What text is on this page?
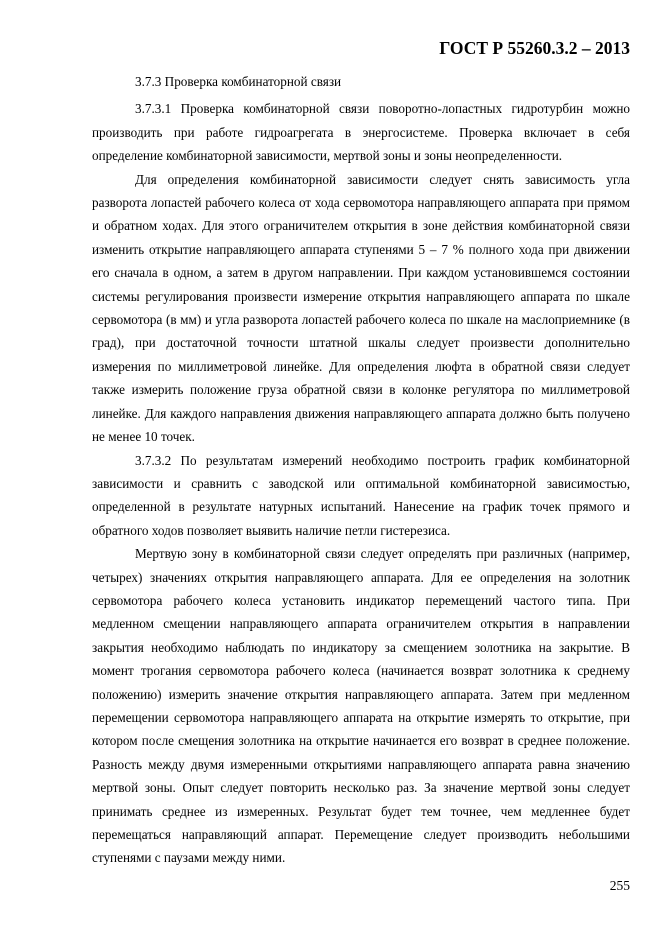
ГОСТ Р 55260.3.2 – 2013

3.7.3 Проверка комбинаторной связи

3.7.3.1 Проверка комбинаторной связи поворотно-лопастных гидротурбин можно производить при работе гидроагрегата в энергосистеме. Проверка включает в себя определение комбинаторной зависимости, мертвой зоны и зоны неопределенности.

Для определения комбинаторной зависимости следует снять зависимость угла разворота лопастей рабочего колеса от хода сервомотора направляющего аппарата при прямом и обратном ходах. Для этого ограничителем открытия в зоне действия комбинаторной связи изменить открытие направляющего аппарата ступенями 5 – 7 % полного хода при движении его сначала в одном, а затем в другом направлении. При каждом установившемся состоянии системы регулирования произвести измерение открытия направляющего аппарата по шкале сервомотора (в мм) и угла разворота лопастей рабочего колеса по шкале на маслоприемнике (в град), при достаточной точности штатной шкалы следует произвести дополнительно измерения по миллиметровой линейке. Для определения люфта в обратной связи следует также измерить положение груза обратной связи в колонке регулятора по миллиметровой линейке. Для каждого направления движения направляющего аппарата должно быть получено не менее 10 точек.

3.7.3.2 По результатам измерений необходимо построить график комбинаторной зависимости и сравнить с заводской или оптимальной комбинаторной зависимостью, определенной в результате натурных испытаний. Нанесение на график точек прямого и обратного ходов позволяет выявить наличие петли гистерезиса.

Мертвую зону в комбинаторной связи следует определять при различных (например, четырех) значениях открытия направляющего аппарата. Для ее определения на золотник сервомотора рабочего колеса установить индикатор перемещений частого типа. При медленном смещении направляющего аппарата ограничителем открытия в направлении закрытия необходимо наблюдать по индикатору за смещением золотника на закрытие. В момент трогания сервомотора рабочего колеса (начинается возврат золотника к среднему положению) измерить значение открытия направляющего аппарата. Затем при медленном перемещении сервомотора направляющего аппарата на открытие измерять то открытие, при котором после смещения золотника на открытие начинается его возврат в среднее положение. Разность между двумя измеренными открытиями направляющего аппарата равна значению мертвой зоны. Опыт следует повторить несколько раз. За значение мертвой зоны следует принимать среднее из измеренных. Результат будет тем точнее, чем медленнее будет перемещаться направляющий аппарат. Перемещение следует производить небольшими ступенями с паузами между ними.

255
